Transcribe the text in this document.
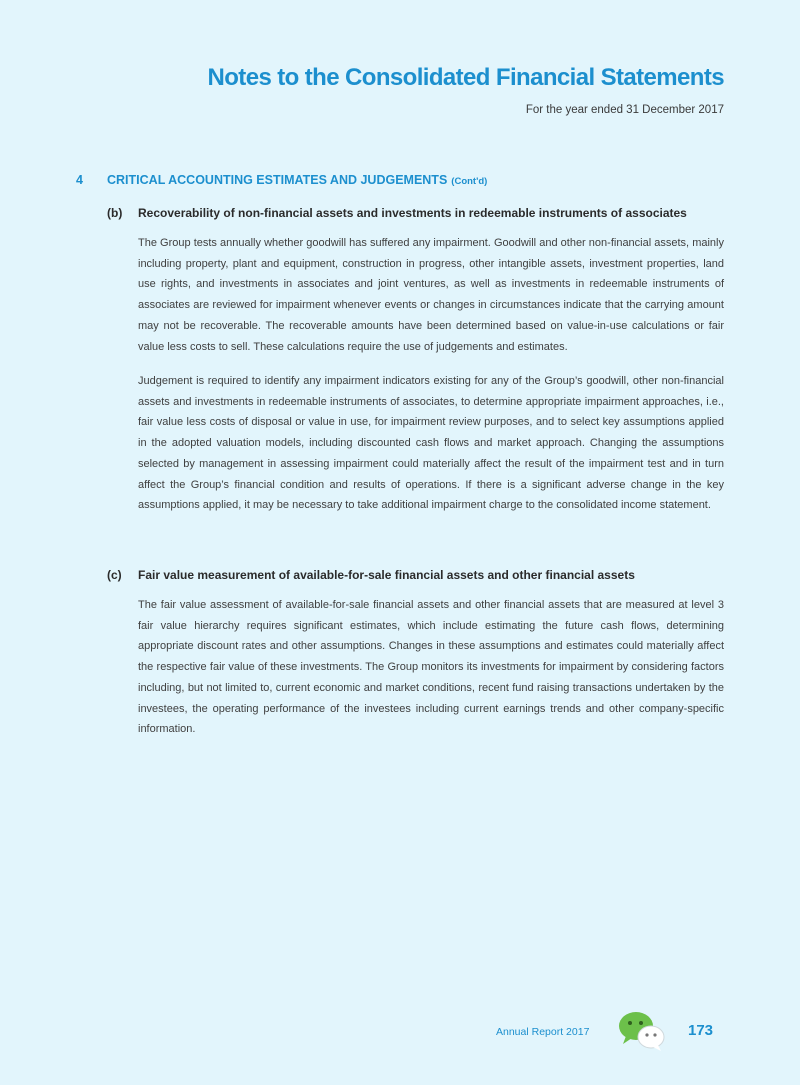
Notes to the Consolidated Financial Statements
For the year ended 31 December 2017
4 CRITICAL ACCOUNTING ESTIMATES AND JUDGEMENTS (Cont'd)
(b) Recoverability of non-financial assets and investments in redeemable instruments of associates

The Group tests annually whether goodwill has suffered any impairment. Goodwill and other non-financial assets, mainly including property, plant and equipment, construction in progress, other intangible assets, investment properties, land use rights, and investments in associates and joint ventures, as well as investments in redeemable instruments of associates are reviewed for impairment whenever events or changes in circumstances indicate that the carrying amount may not be recoverable. The recoverable amounts have been determined based on value-in-use calculations or fair value less costs to sell. These calculations require the use of judgements and estimates.

Judgement is required to identify any impairment indicators existing for any of the Group’s goodwill, other non-financial assets and investments in redeemable instruments of associates, to determine appropriate impairment approaches, i.e., fair value less costs of disposal or value in use, for impairment review purposes, and to select key assumptions applied in the adopted valuation models, including discounted cash flows and market approach. Changing the assumptions selected by management in assessing impairment could materially affect the result of the impairment test and in turn affect the Group’s financial condition and results of operations. If there is a significant adverse change in the key assumptions applied, it may be necessary to take additional impairment charge to the consolidated income statement.

(c) Fair value measurement of available-for-sale financial assets and other financial assets

The fair value assessment of available-for-sale financial assets and other financial assets that are measured at level 3 fair value hierarchy requires significant estimates, which include estimating the future cash flows, determining appropriate discount rates and other assumptions. Changes in these assumptions and estimates could materially affect the respective fair value of these investments. The Group monitors its investments for impairment by considering factors including, but not limited to, current economic and market conditions, recent fund raising transactions undertaken by the investees, the operating performance of the investees including current earnings trends and other company-specific information.

Annual Report 2017	173
